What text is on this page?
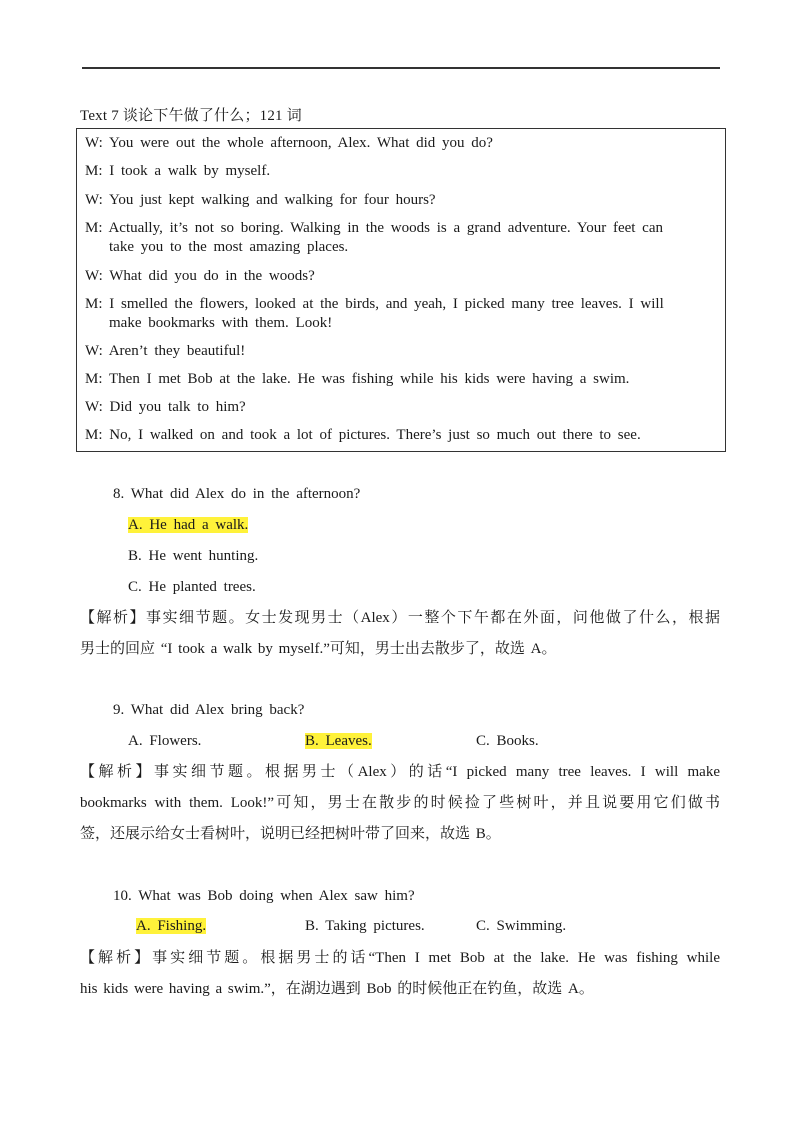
Text 7 谈论下午做了什么；121 词
W: You were out the whole afternoon, Alex. What did you do?
M: I took a walk by myself.
W: You just kept walking and walking for four hours?
M: Actually, it’s not so boring. Walking in the woods is a grand adventure. Your feet can
take you to the most amazing places.
W: What did you do in the woods?
M: I smelled the flowers, looked at the birds, and yeah, I picked many tree leaves. I will
make bookmarks with them. Look!
W: Aren’t they beautiful!
M: Then I met Bob at the lake. He was fishing while his kids were having a swim.
W: Did you talk to him?
M: No, I walked on and took a lot of pictures. There’s just so much out there to see.
8. What did Alex do in the afternoon?
A. He had a walk.
B. He went hunting.
C. He planted trees.
【解析】事实细节题。女士发现男士（Alex）一整个下午都在外面，问他做了什么，根据
男士的回应 “I took a walk by myself.”可知，男士出去散步了，故选 A。
9. What did Alex bring back?
A. Flowers.	B. Leaves.	C. Books.
【解析】事实细节题。根据男士（Alex）的话“I picked many tree leaves. I will make
bookmarks with them. Look!”可知，男士在散步的时候捡了些树叶，并且说要用它们做书
签，还展示给女士看树叶，说明已经把树叶带了回来，故选 B。
10. What was Bob doing when Alex saw him?
A. Fishing.	B. Taking pictures.	C. Swimming.
【解析】事实细节题。根据男士的话“Then I met Bob at the lake. He was fishing while
his kids were having a swim.”，在湖边遇到 Bob 的时候他正在钓鱼，故选 A。
